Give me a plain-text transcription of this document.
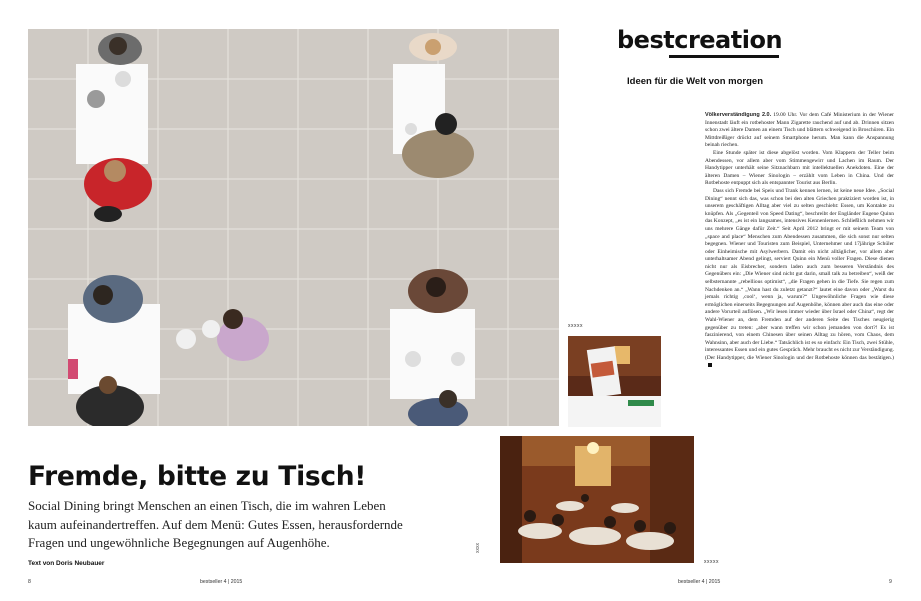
Fremde, bitte zu Tisch!

Social Dining bringt Menschen an einen Tisch, die im wahren Leben kaum aufeinandertreffen. Auf dem Menü: Gutes Essen, herausfordernde Fragen und ungewöhnliche Begegnungen auf Augenhöhe.

Text von Doris Neubauer
xxxx
8	bestseller 4 | 2015
bestcreation
Ideen für die Welt von morgen

Völkerverständigung 2.0. 19.00 Uhr. Vor dem Café Ministerium in der Wiener Innenstadt läuft ein rotbehoster Mann Zigarette rauchend auf und ab. Drinnen sitzen schon zwei ältere Damen an einem Tisch und blättern schweigend in Broschüren. Ein Mittdreißiger drückt auf seinem Smartphone herum. Man kann die Anspannung beinah riechen.

Eine Stunde später ist diese abgelöst worden. Vom Klappern der Teller beim Abendessen, vor allem aber vom Stimmengewirr und Lachen im Raum. Der Handytipper unterhält seine Sitznachbarn mit intellektuellen Anekdoten. Eine der älteren Damen – Wiener Sinologin – erzählt vom Leben in China. Und der Rotbehoste entpuppt sich als entspannter Tourist aus Berlin.

Dass sich Fremde bei Speis und Trank kennen lernen, ist keine neue Idee. „Social Dining“ nennt sich das, was schon bei den alten Griechen praktiziert worden ist, in unserem geschäftigen Alltag aber viel zu selten geschieht: Essen, um Kontakte zu knüpfen. Als „Gegenteil von Speed Dating“, beschreibt der Engländer Eugene Quinn das Konzept, „es ist ein langsames, intensives Kennenlernen. Schließlich nehmen wir uns mehrere Gänge dafür Zeit.“ Seit April 2012 bringt er mit seinem Team von „space and place“ Menschen zum Abendessen zusammen, die sich sonst nur selten begegnen. Wiener und Touristen zum Beispiel, Unternehmer und 17jährige Schüler oder Einheimische mit Asylwerbern. Damit ein nicht alltäglicher, vor allem aber unterhaltsamer Abend gelingt, serviert Quinn ein Menü voller Fragen. Diese dienen nicht nur als Eisbrecher, sondern laden auch zum besseren Verständnis des Gegenübers ein: „Die Wiener sind nicht gut darin, small talk zu betreiben“, weiß der selbsternannte „rebellious optimist“, „die Fragen gehen in die Tiefe. Sie regen zum Nachdenken an.“ „Wann hast du zuletzt getanzt?“ lautet eine davon oder „Warst du jemals richtig ‚cool‘, wenn ja, warum?“ Ungewöhnliche Fragen wie diese ermöglichen einerseits Begegnungen auf Augenhöhe, können aber auch das eine oder andere Vorurteil auflösen. „Wir lesen immer wieder über Israel oder China“, regt der Wahl-Wiener an, dem Fremden auf der anderen Seite des Tisches neugierig gegenüber zu treten: „aber wann treffen wir schon jemanden von dort?! Es ist faszinierend, von einem Chinesen über seinen Alltag zu hören, vom Chaos, dem Wahnsinn, aber auch der Liebe.“ Tatsächlich ist es so einfach: Ein Tisch, zwei Stühle, interessantes Essen und ein gutes Gespräch. Mehr braucht es nicht zur Verständigung. (Der Handytipper, die Wiener Sinologin und der Rotbehoste können das bestätigen.)

xxxxx
xxxxx
bestseller 4 | 2015	9
